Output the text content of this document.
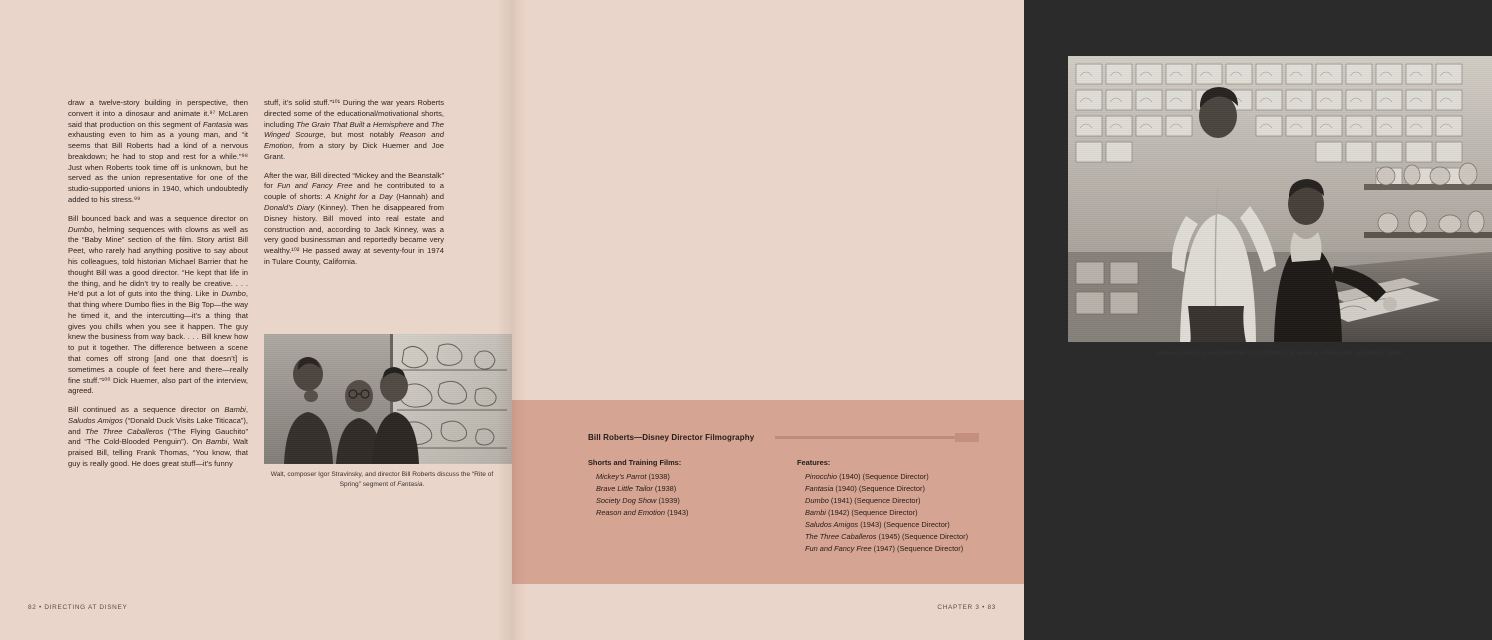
draw a twelve-story building in perspective, then convert it into a dinosaur and animate it.⁹⁷ McLaren said that production on this segment of Fantasia was exhausting even to him as a young man, and “it seems that Bill Roberts had a kind of a nervous breakdown; he had to stop and rest for a while.”⁹⁸ Just when Roberts took time off is unknown, but he served as the union representative for one of the studio-supported unions in 1940, which undoubtedly added to his stress.⁹⁹

Bill bounced back and was a sequence director on Dumbo, helming sequences with clowns as well as the “Baby Mine” section of the film. Story artist Bill Peet, who rarely had anything positive to say about his colleagues, told historian Michael Barrier that he thought Bill was a good director. “He kept that life in the thing, and he didn’t try to really be creative. . . . He’d put a lot of guts into the thing. Like in Dumbo, that thing where Dumbo flies in the Big Top—the way he timed it, and the intercutting—it’s a thing that gives you chills when you see it happen. The guy knew the business from way back. . . . Bill knew how to put it together. The difference between a scene that comes off strong [and one that doesn’t] is sometimes a couple of feet here and there—really fine stuff.”¹⁰⁰ Dick Huemer, also part of the interview, agreed.

Bill continued as a sequence director on Bambi, Saludos Amigos (“Donald Duck Visits Lake Titicaca”), and The Three Caballeros (“The Flying Gauchito” and “The Cold-Blooded Penguin”). On Bambi, Walt praised Bill, telling Frank Thomas, “You know, that guy is really good. He does great stuff—it’s funny

stuff, it’s solid stuff.”¹⁰¹ During the war years Roberts directed some of the educational/motivational shorts, including The Grain That Built a Hemisphere and The Winged Scourge, but most notably Reason and Emotion, from a story by Dick Huemer and Joe Grant.

After the war, Bill directed “Mickey and the Beanstalk” for Fun and Fancy Free and he contributed to a couple of shorts: A Knight for a Day (Hannah) and Donald’s Diary (Kinney). Then he disappeared from Disney history. Bill moved into real estate and construction and, according to Jack Kinney, was a very good businessman and reportedly became very wealthy.¹⁰² He passed away at seventy-four in 1974 in Tulare County, California.

Walt, composer Igor Stravinsky, and director Bill Roberts discuss the “Rite of Spring” segment of Fantasia.
82 • DIRECTING AT DISNEY
Roberts and a young Bill Peet (STANDING) at work on Pinocchio, April/May 1939.
CHAPTER 3 • 83
Bill Roberts—Disney Director Filmography
Shorts and Training Films:
Mickey’s Parrot (1938)
Brave Little Tailor (1938)
Society Dog Show (1939)
Reason and Emotion (1943)
Features:
Pinocchio (1940) (Sequence Director)
Fantasia (1940) (Sequence Director)
Dumbo (1941) (Sequence Director)
Bambi (1942) (Sequence Director)
Saludos Amigos (1943) (Sequence Director)
The Three Caballeros (1945) (Sequence Director)
Fun and Fancy Free (1947) (Sequence Director)
